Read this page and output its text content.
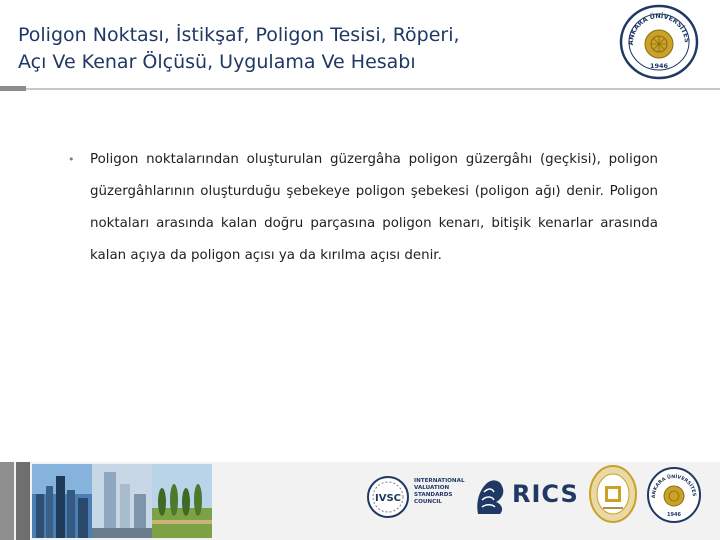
Poligon Noktası, İstikşaf, Poligon Tesisi, Röperi,
Açı Ve Kenar Ölçüsü, Uygulama Ve Hesabı
ANKARA ÜNİVERSİTES
1946
•	Poligon noktalarından oluşturulan güzergâha poligon güzergâhı (geçkisi), poligon güzergâhlarının oluşturduğu şebekeye poligon şebekesi (poligon ağı) denir. Poligon noktaları arasında kalan doğru parçasına poligon kenarı, bitişik kenarlar arasında kalan açıya da poligon açısı ya da kırılma açısı denir.

IVSC
INTERNATIONAL
VALUATION
STANDARDS
COUNCIL	RICS	ANKARA ÜNİVERSİTES
1946
